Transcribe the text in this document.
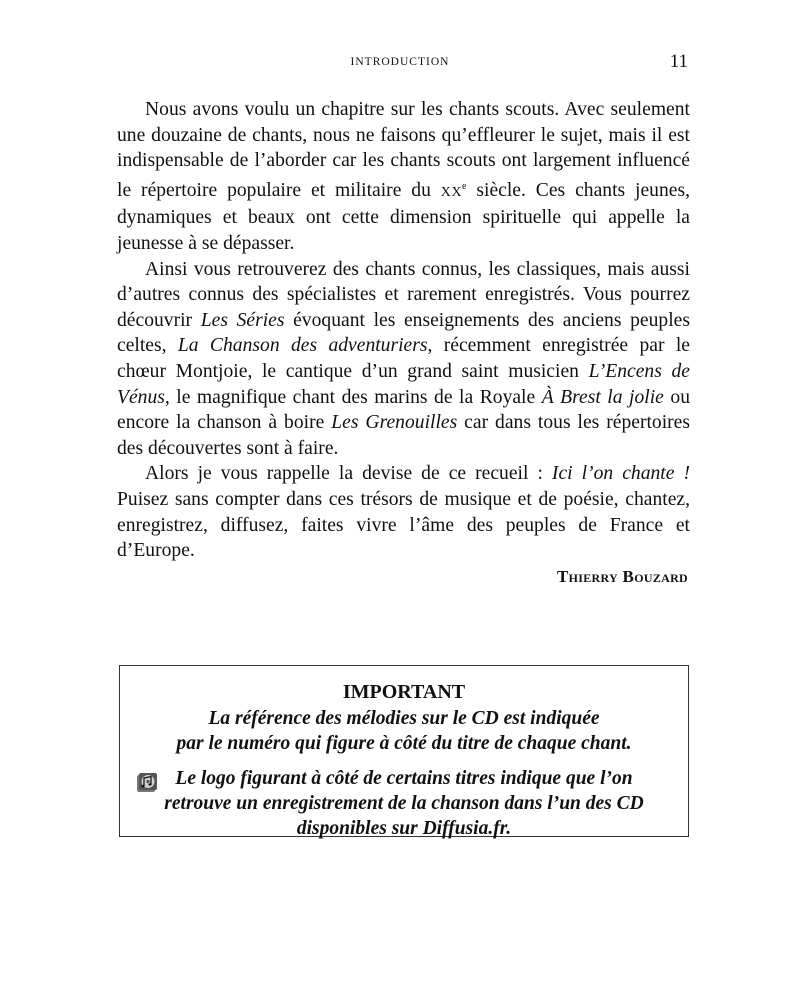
INTRODUCTION	11

Nous avons voulu un chapitre sur les chants scouts. Avec seulement une douzaine de chants, nous ne faisons qu’effleurer le sujet, mais il est indispensable de l’aborder car les chants scouts ont largement influencé le répertoire populaire et militaire du XXe siècle. Ces chants jeunes, dynamiques et beaux ont cette dimension spirituelle qui appelle la jeunesse à se dépasser.

Ainsi vous retrouverez des chants connus, les classiques, mais aussi d’autres connus des spécialistes et rarement enregistrés. Vous pourrez découvrir Les Séries évoquant les enseignements des anciens peuples celtes, La Chanson des adventuriers, récemment enregistrée par le chœur Montjoie, le cantique d’un grand saint musicien L’Encens de Vénus, le magnifique chant des marins de la Royale À Brest la jolie ou encore la chanson à boire Les Grenouilles car dans tous les répertoires des découvertes sont à faire.

Alors je vous rappelle la devise de ce recueil : Ici l’on chante ! Puisez sans compter dans ces trésors de musique et de poésie, chantez, enregistrez, diffusez, faites vivre l’âme des peuples de France et d’Europe.

Thierry Bouzard
IMPORTANT
La référence des mélodies sur le CD est indiquée
par le numéro qui figure à côté du titre de chaque chant.
Le logo figurant à côté de certains titres indique que l’on
retrouve un enregistrement de la chanson dans l’un des CD
disponibles sur Diffusia.fr.
